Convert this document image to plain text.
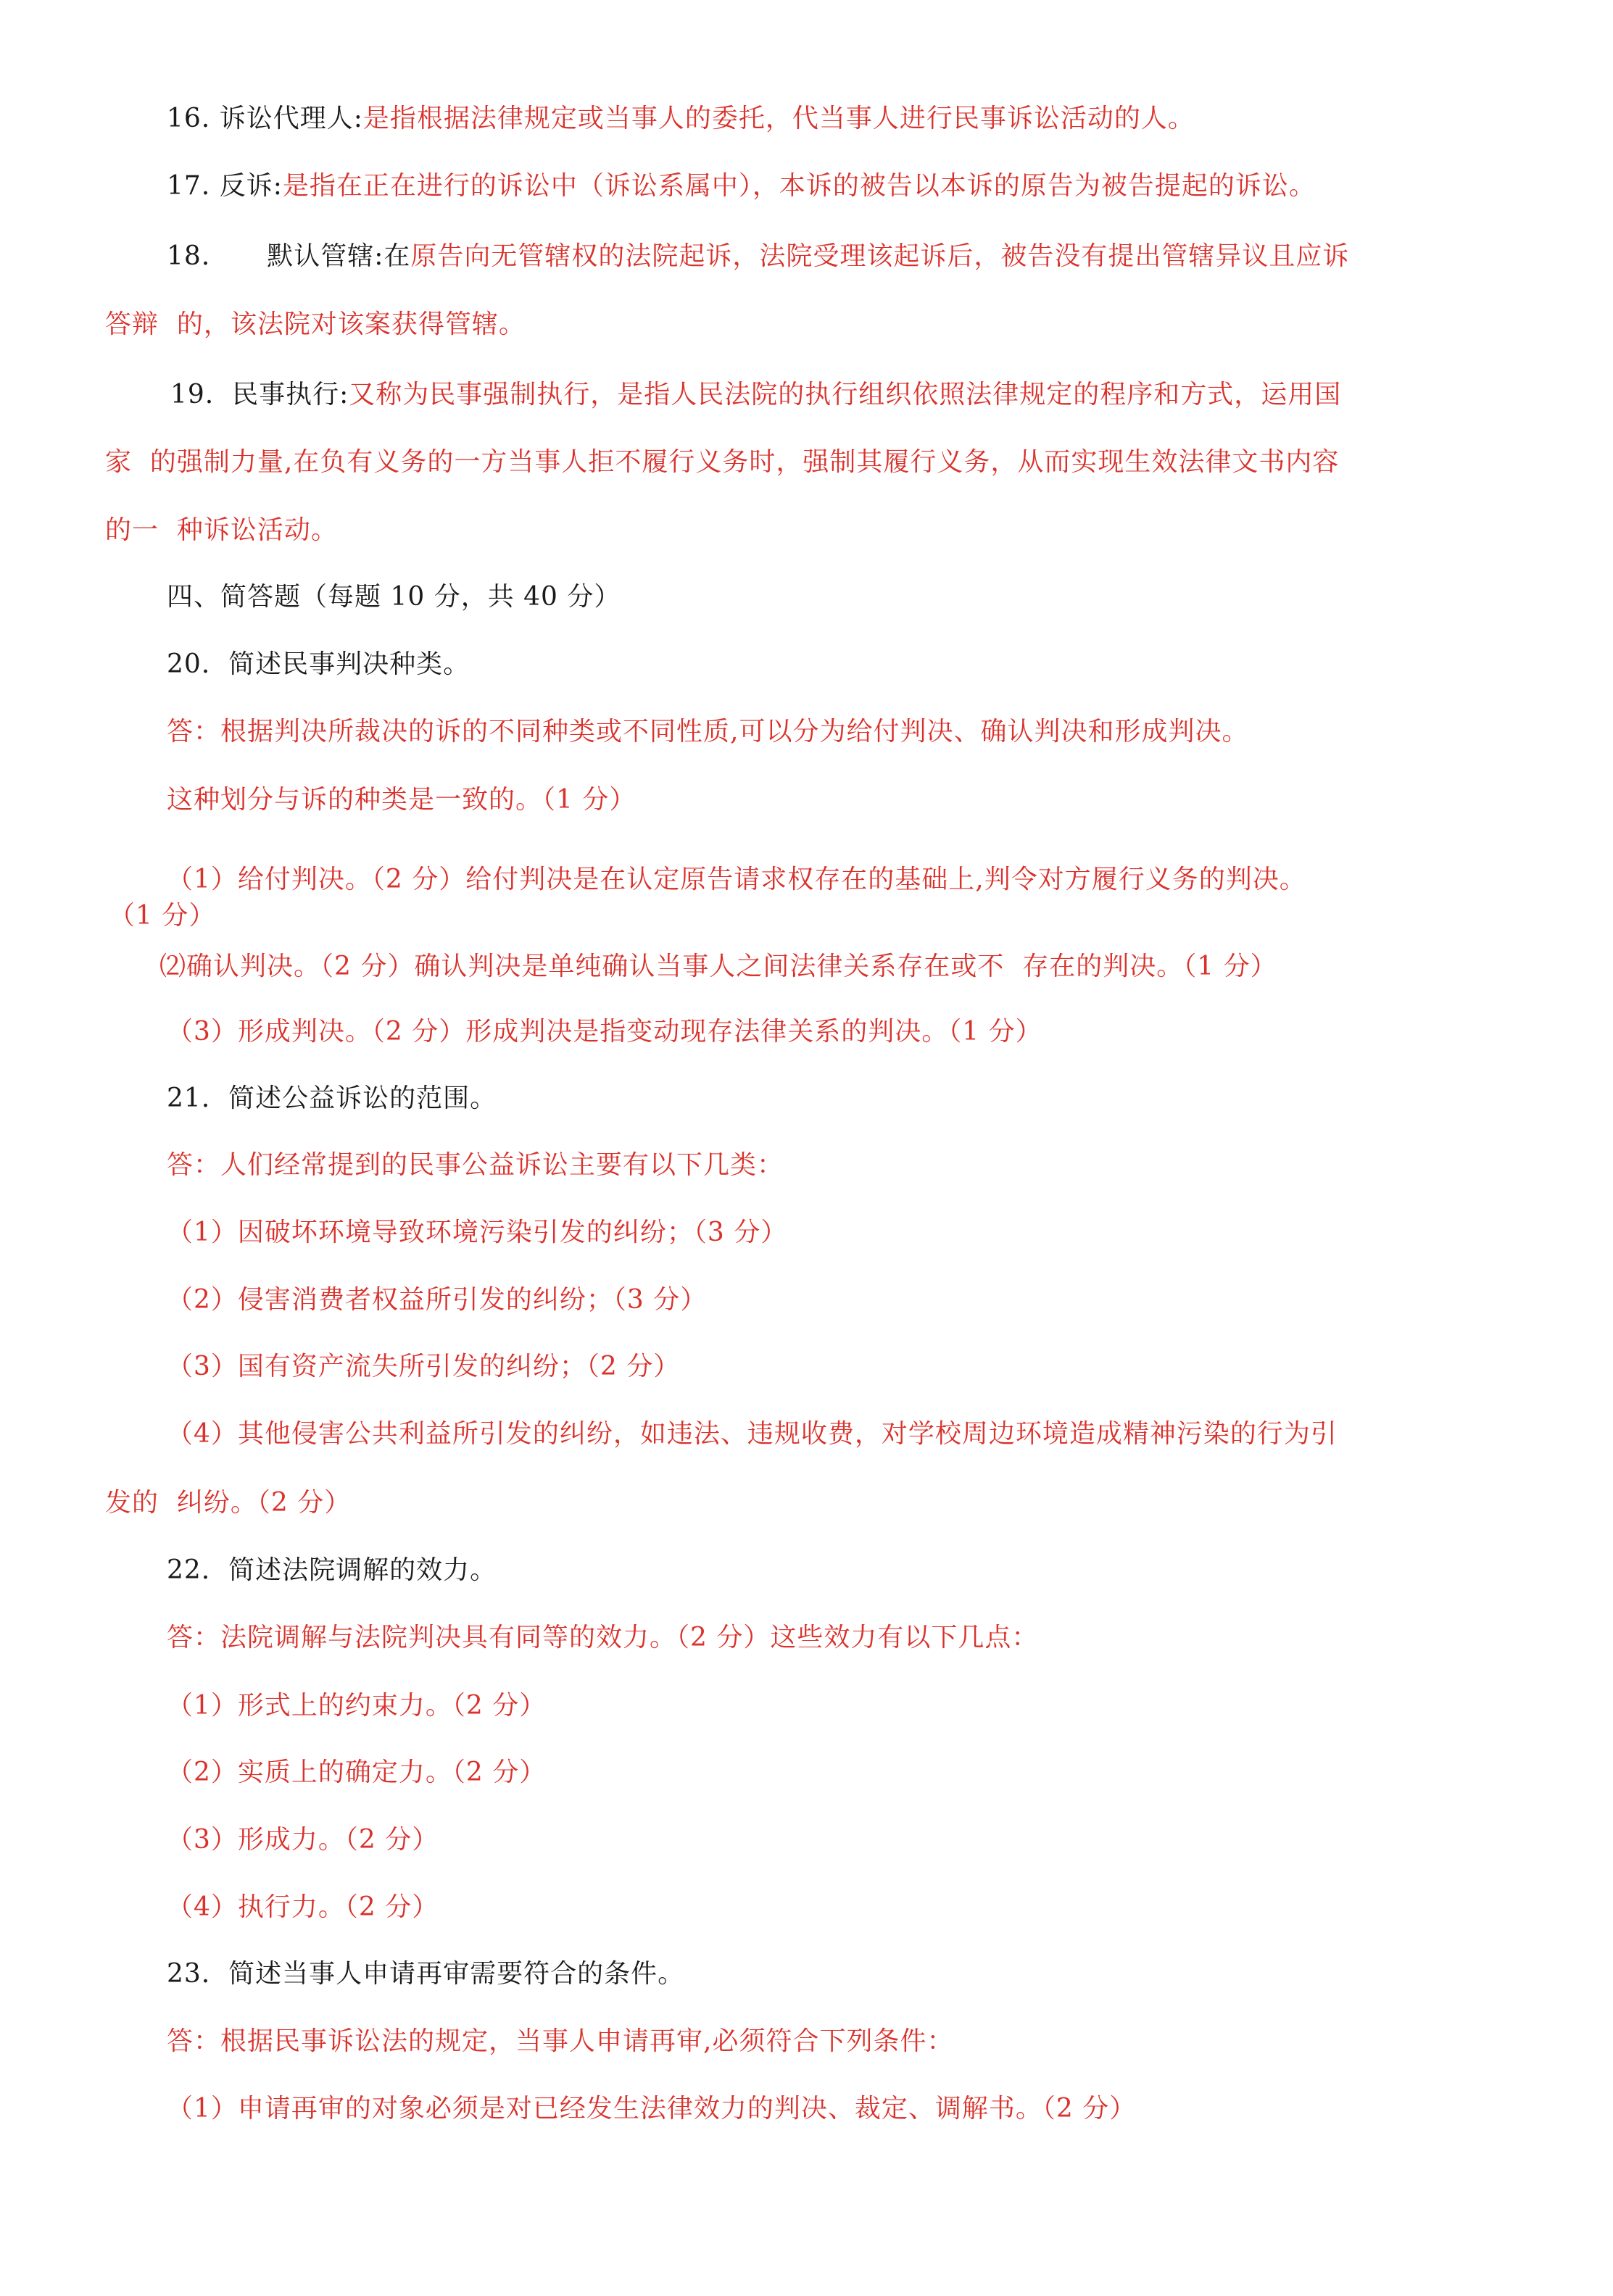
16. 诉讼代理人:是指根据法律规定或当事人的委托，代当事人进行民事诉讼活动的人。
17. 反诉:是指在正在进行的诉讼中（诉讼系属中），本诉的被告以本诉的原告为被告提起的诉讼。
18. 默认管辖:在原告向无管辖权的法院起诉，法院受理该起诉后，被告没有提出管辖异议且应诉
答辩  的，该法院对该案获得管辖。
19.  民事执行:又称为民事强制执行，是指人民法院的执行组织依照法律规定的程序和方式，运用国
家  的强制力量,在负有义务的一方当事人拒不履行义务时，强制其履行义务，从而实现生效法律文书内容
的一  种诉讼活动。
四、简答题（每题 10 分，共 40 分）
20.  简述民事判决种类。
答：根据判决所裁决的诉的不同种类或不同性质,可以分为给付判决、确认判决和形成判决。
这种划分与诉的种类是一致的。（1 分）
（1）给付判决。（2 分）给付判决是在认定原告请求权存在的基础上,判令对方履行义务的判决。
（1 分）
⑵确认判决。（2 分）确认判决是单纯确认当事人之间法律关系存在或不  存在的判决。（1 分）
（3）形成判决。（2 分）形成判决是指变动现存法律关系的判决。（1 分）
21.  简述公益诉讼的范围。
答：人们经常提到的民事公益诉讼主要有以下几类：
（1）因破坏环境导致环境污染引发的纠纷；（3 分）
（2）侵害消费者权益所引发的纠纷；（3 分）
（3）国有资产流失所引发的纠纷；（2 分）
（4）其他侵害公共利益所引发的纠纷，如违法、违规收费，对学校周边环境造成精神污染的行为引
发的  纠纷。（2 分）
22.  简述法院调解的效力。
答：法院调解与法院判决具有同等的效力。（2 分）这些效力有以下几点：
（1）形式上的约束力。（2 分）
（2）实质上的确定力。（2 分）
（3）形成力。（2 分）
（4）执行力。（2 分）
23.  简述当事人申请再审需要符合的条件。
答：根据民事诉讼法的规定，当事人申请再审,必须符合下列条件：
（1）申请再审的对象必须是对已经发生法律效力的判决、裁定、调解书。（2 分）
